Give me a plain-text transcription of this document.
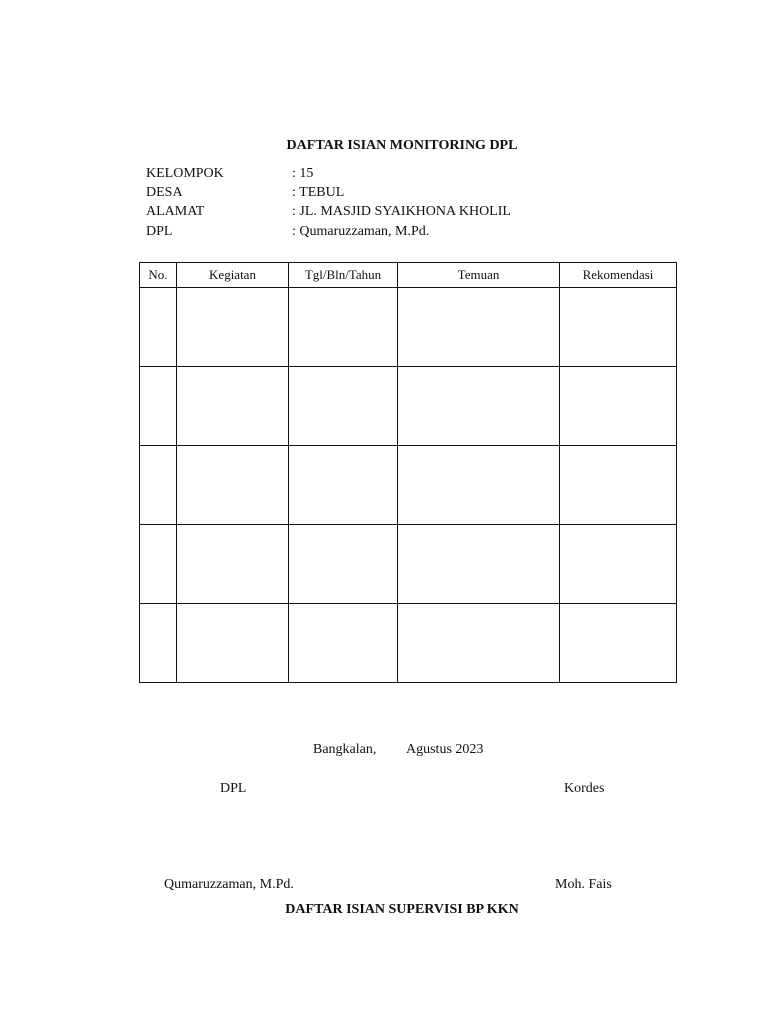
DAFTAR ISIAN MONITORING DPL
KELOMPOK	: 15
DESA	: TEBUL
ALAMAT	: JL. MASJID SYAIKHONA KHOLIL
DPL	: Qumaruzzaman, M.Pd.
No.	Kegiatan	Tgl/Bln/Tahun	Temuan	Rekomendasi

Bangkalan, Agustus 2023
DPL	Kordes
Qumaruzzaman, M.Pd.	Moh. Fais
DAFTAR ISIAN SUPERVISI BP KKN
